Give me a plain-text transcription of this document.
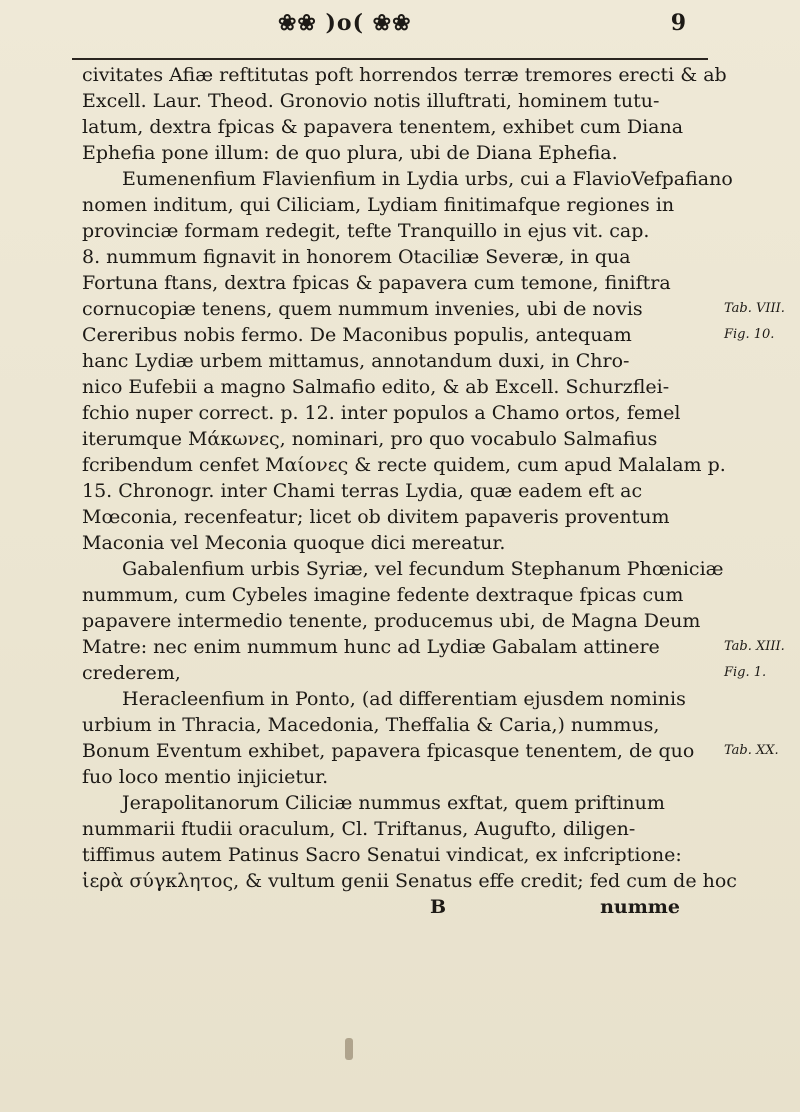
❀❀ )o( ❀❀	9
civitates Afiæ reftitutas poft horrendos terræ tremores erecti & ab
Excell. Laur. Theod. Gronovio notis illuftrati, hominem tutu-
latum, dextra fpicas & papavera tenentem, exhibet cum Diana
Ephefia pone illum: de quo plura, ubi de Diana Ephefia.
Eumenenfium Flavienfium in Lydia urbs, cui a FlavioVefpafiano
nomen inditum, qui Ciliciam, Lydiam finitimafque regiones in
provinciæ formam redegit, tefte Tranquillo in ejus vit. cap.
8. nummum fignavit in honorem Otaciliæ Severæ, in qua
Fortuna ftans, dextra fpicas & papavera cum temone, finiftra
cornucopiæ tenens, quem nummum invenies, ubi de novis	Tab. VIII.
Cereribus nobis fermo. De Maconibus populis, antequam	Fig. 10.
hanc Lydiæ urbem mittamus, annotandum duxi, in Chro-
nico Eufebii a magno Salmafio edito, & ab Excell. Schurzflei-
fchio nuper correct. p. 12. inter populos a Chamo ortos, femel
iterumque Μάκωνες, nominari, pro quo vocabulo Salmafius
fcribendum cenfet Μαίονες & recte quidem, cum apud Malalam p.
15. Chronogr. inter Chami terras Lydia, quæ eadem eft ac
Mœconia, recenfeatur; licet ob divitem papaveris proventum
Maconia vel Meconia quoque dici mereatur.
Gabalenfium urbis Syriæ, vel fecundum Stephanum Phœniciæ
nummum, cum Cybeles imagine fedente dextraque fpicas cum
papavere intermedio tenente, producemus ubi, de Magna Deum
Matre: nec enim nummum hunc ad Lydiæ Gabalam attinere	Tab. XIII.
crederem,	Fig. 1.
Heracleenfium in Ponto, (ad differentiam ejusdem nominis
urbium in Thracia, Macedonia, Theffalia & Caria,) nummus,
Bonum Eventum exhibet, papavera fpicasque tenentem, de quo Tab. XX.
fuo loco mentio injicietur.
Jerapolitanorum Ciliciæ nummus exftat, quem priftinum
nummarii ftudii oraculum, Cl. Triftanus, Augufto, diligen-
tiffimus autem Patinus Sacro Senatui vindicat, ex infcriptione:
ἱερὰ σύγκλητος, & vultum genii Senatus effe credit; fed cum de hoc
B	numme
